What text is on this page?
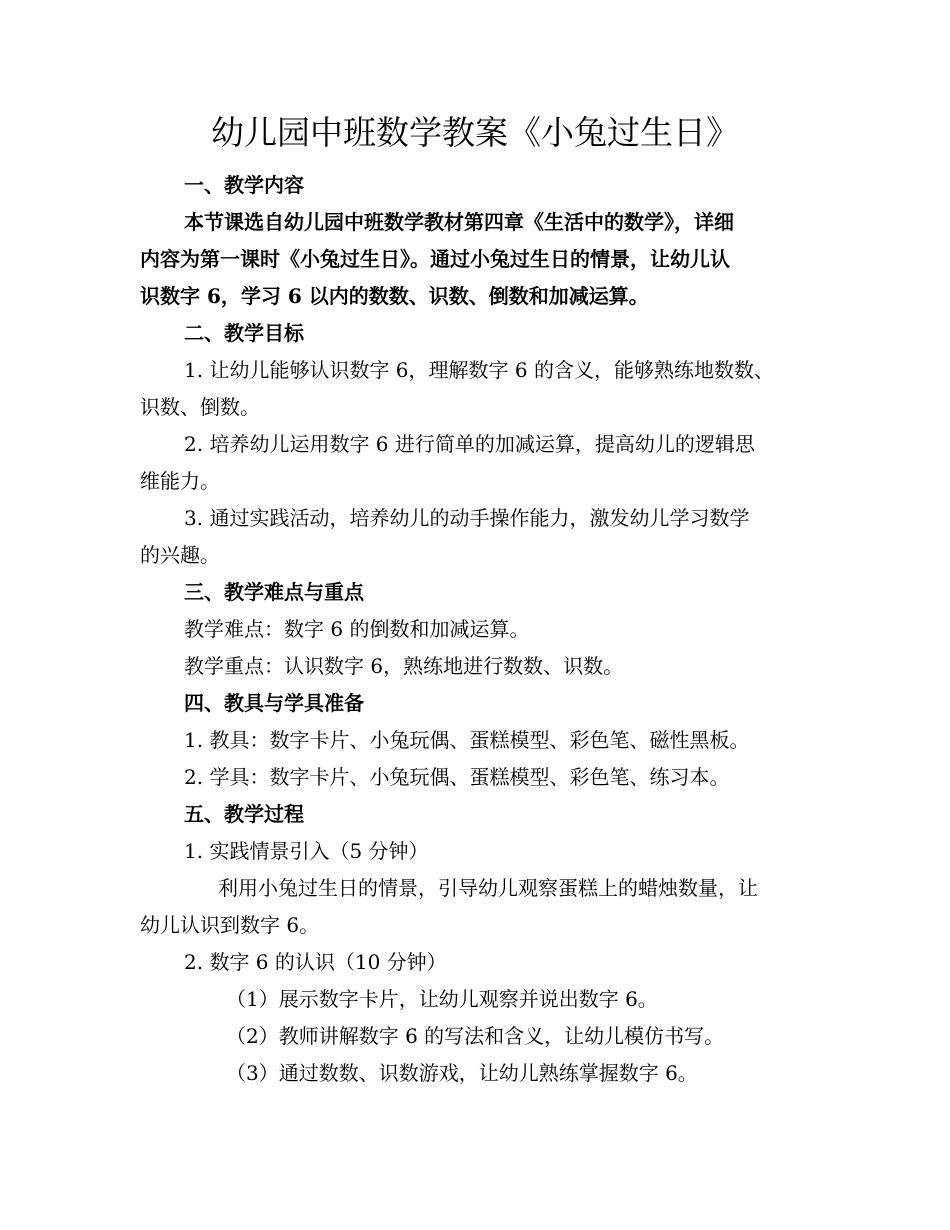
幼儿园中班数学教案《小兔过生日》
一、教学内容
本节课选自幼儿园中班数学教材第四章《生活中的数学》，详细
内容为第一课时《小兔过生日》。通过小兔过生日的情景，让幼儿认
识数字 6，学习 6 以内的数数、识数、倒数和加减运算。
二、教学目标
1. 让幼儿能够认识数字 6，理解数字 6 的含义，能够熟练地数数、
识数、倒数。
2. 培养幼儿运用数字 6 进行简单的加减运算，提高幼儿的逻辑思
维能力。
3. 通过实践活动，培养幼儿的动手操作能力，激发幼儿学习数学
的兴趣。
三、教学难点与重点
教学难点：数字 6 的倒数和加减运算。
教学重点：认识数字 6，熟练地进行数数、识数。
四、教具与学具准备
1. 教具：数字卡片、小兔玩偶、蛋糕模型、彩色笔、磁性黑板。
2. 学具：数字卡片、小兔玩偶、蛋糕模型、彩色笔、练习本。
五、教学过程
1. 实践情景引入（5 分钟）
利用小兔过生日的情景，引导幼儿观察蛋糕上的蜡烛数量，让
幼儿认识到数字 6。
2. 数字 6 的认识（10 分钟）
（1）展示数字卡片，让幼儿观察并说出数字 6。
（2）教师讲解数字 6 的写法和含义，让幼儿模仿书写。
（3）通过数数、识数游戏，让幼儿熟练掌握数字 6。
